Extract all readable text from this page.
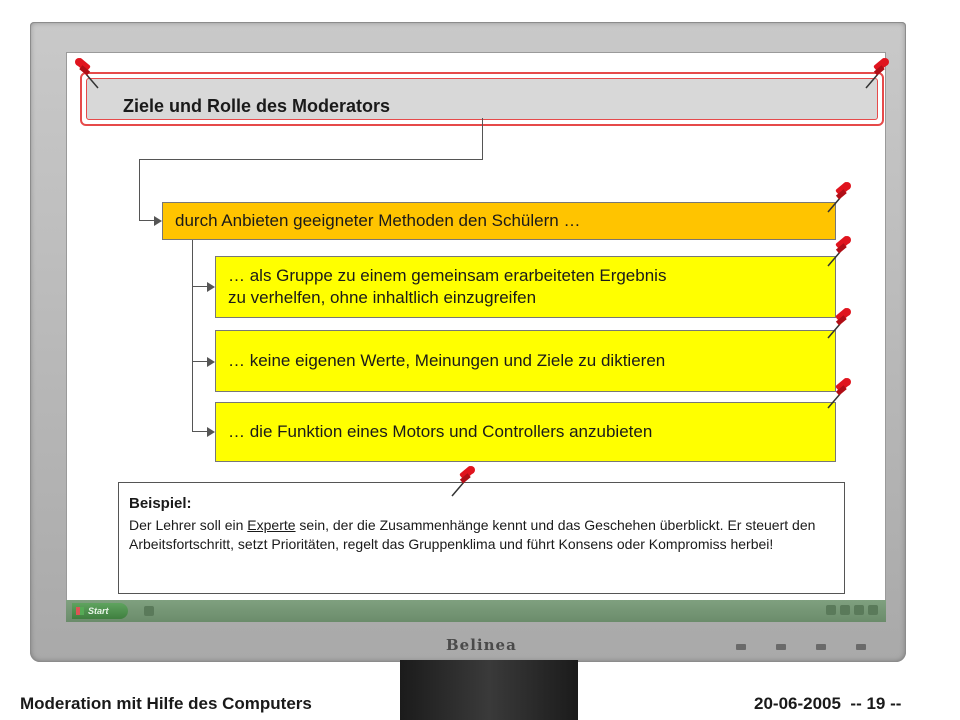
Start
Belinea
Ziele und Rolle des Moderators
durch Anbieten geeigneter Methoden den Schülern …
… als Gruppe zu einem gemeinsam erarbeiteten Ergebnis
zu verhelfen, ohne inhaltlich einzugreifen
… keine eigenen Werte, Meinungen und Ziele zu diktieren
… die Funktion eines Motors und Controllers anzubieten
Beispiel:
Der Lehrer soll ein Experte sein, der die Zusammenhänge kennt und das Geschehen überblickt. Er steuert den Arbeitsfortschritt, setzt Prioritäten, regelt das Gruppenklima und führt Konsens oder Kompromiss herbei!
Moderation mit Hilfe des Computers	20-06-2005 -- 19 --
